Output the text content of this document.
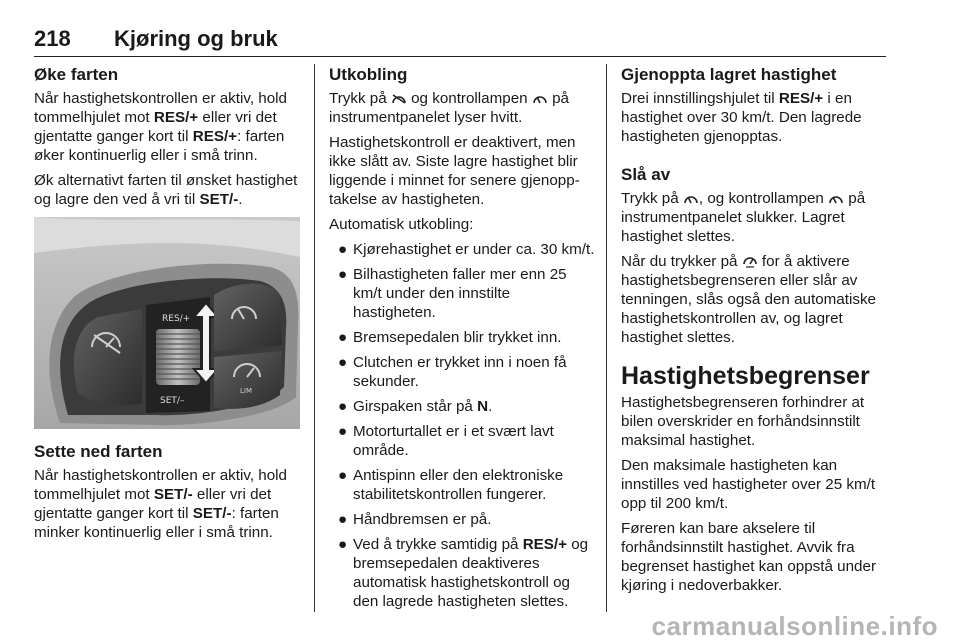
218 Kjøring og bruk
Øke farten

Når hastighetskontrollen er aktiv, hold tommelhjulet mot RES/+ eller vri det gjentatte ganger kort til RES/+: farten øker kontinuerlig eller i små trinn.

Øk alternativt farten til ønsket hastighet og lagre den ved å vri til SET/-.

RES/+
SET/–
LIM
Sette ned farten

Når hastighetskontrollen er aktiv, hold tommelhjulet mot SET/- eller vri det gjentatte ganger kort til SET/-: farten minker kontinuerlig eller i små trinn.

Utkobling

Trykk på  og kontrollampen  på instrumentpanelet lyser hvitt.

Hastighetskontroll er deaktivert, men ikke slått av. Siste lagre hastighet blir liggende i minnet for senere gjenopptakelse av hastigheten.

Automatisk utkobling:

● Kjørehastighet er under ca. 30 km/t.
● Bilhastigheten faller mer enn 25 km/t under den innstilte hastigheten.
● Bremsepedalen blir trykket inn.
● Clutchen er trykket inn i noen få sekunder.
● Girspaken står på N.
● Motorturtallet er i et svært lavt område.
● Antispinn eller den elektroniske stabilitetskontrollen fungerer.
● Håndbremsen er på.
● Ved å trykke samtidig på RES/+ og bremsepedalen deaktiveres automatisk hastighetskontroll og den lagrede hastigheten slettes.
Gjenoppta lagret hastighet

Drei innstillingshjulet til RES/+ i en hastighet over 30 km/t. Den lagrede hastigheten gjenopptas.

Slå av

Trykk på , og kontrollampen  på instrumentpanelet slukker. Lagret hastighet slettes.

Når du trykker på  for å aktivere hastighetsbegrenseren eller slår av tenningen, slås også den automatiske hastighetskontrollen av, og lagret hastighet slettes.

Hastighetsbegrenser

Hastighetsbegrenseren forhindrer at bilen overskrider en forhåndsinnstilt maksimal hastighet.

Den maksimale hastigheten kan innstilles ved hastigheter over 25 km/t opp til 200 km/t.

Føreren kan bare akselere til forhåndsinnstilt hastighet. Avvik fra begrenset hastighet kan oppstå under kjøring i nedoverbakker.

carmanualsonline.info
